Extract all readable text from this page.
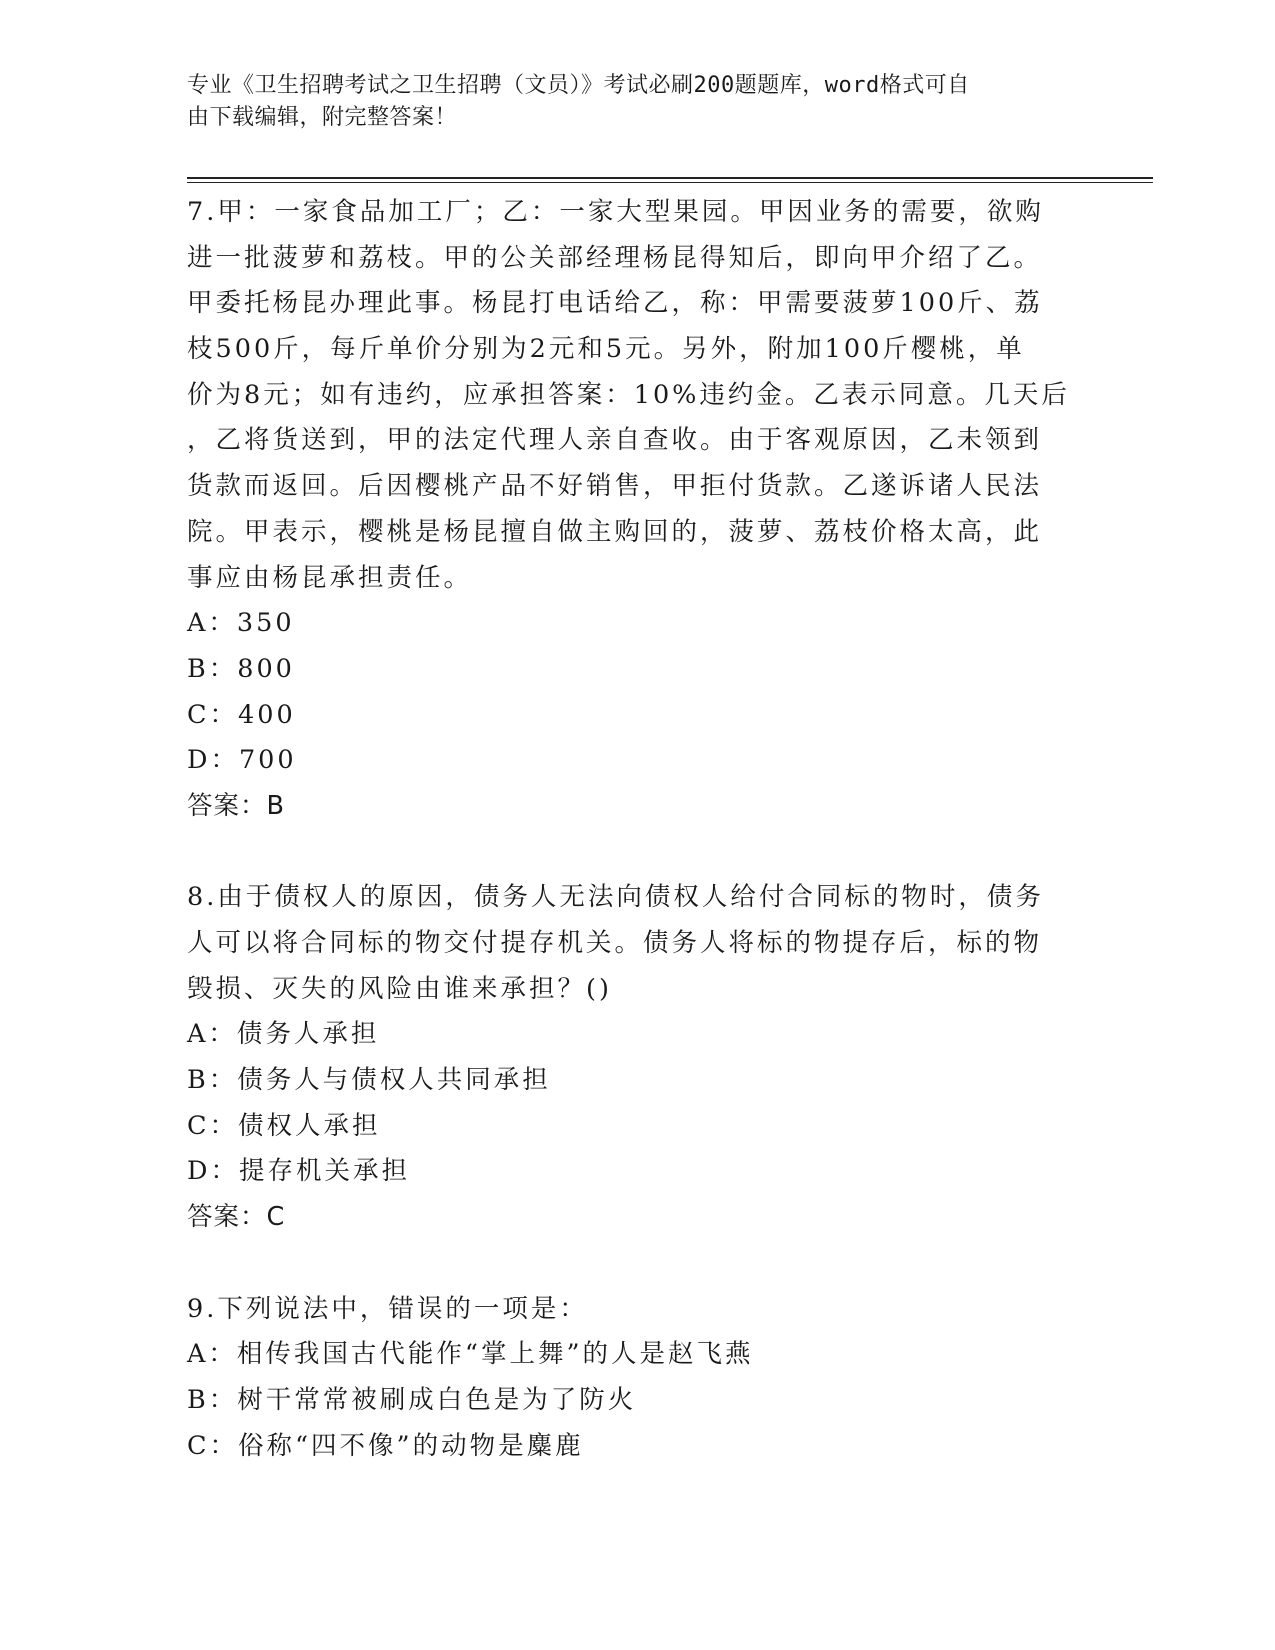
专业《卫生招聘考试之卫生招聘（文员）》考试必刷200题题库，word格式可自
由下载编辑，附完整答案！
7.甲：一家食品加工厂；乙：一家大型果园。甲因业务的需要，欲购
进一批菠萝和荔枝。甲的公关部经理杨昆得知后，即向甲介绍了乙。
甲委托杨昆办理此事。杨昆打电话给乙，称：甲需要菠萝100斤、荔
枝500斤，每斤单价分别为2元和5元。另外，附加100斤樱桃，单
价为8元；如有违约，应承担答案：10%违约金。乙表示同意。几天后
，乙将货送到，甲的法定代理人亲自查收。由于客观原因，乙未领到
货款而返回。后因樱桃产品不好销售，甲拒付货款。乙遂诉诸人民法
院。甲表示，樱桃是杨昆擅自做主购回的，菠萝、荔枝价格太高，此
事应由杨昆承担责任。
A：350
B：800
C：400
D：700
答案：B
8.由于债权人的原因，债务人无法向债权人给付合同标的物时，债务
人可以将合同标的物交付提存机关。债务人将标的物提存后，标的物
毁损、灭失的风险由谁来承担？()
A：债务人承担
B：债务人与债权人共同承担
C：债权人承担
D：提存机关承担
答案：C
9.下列说法中，错误的一项是：
A：相传我国古代能作“掌上舞”的人是赵飞燕
B：树干常常被刷成白色是为了防火
C：俗称“四不像”的动物是麋鹿
